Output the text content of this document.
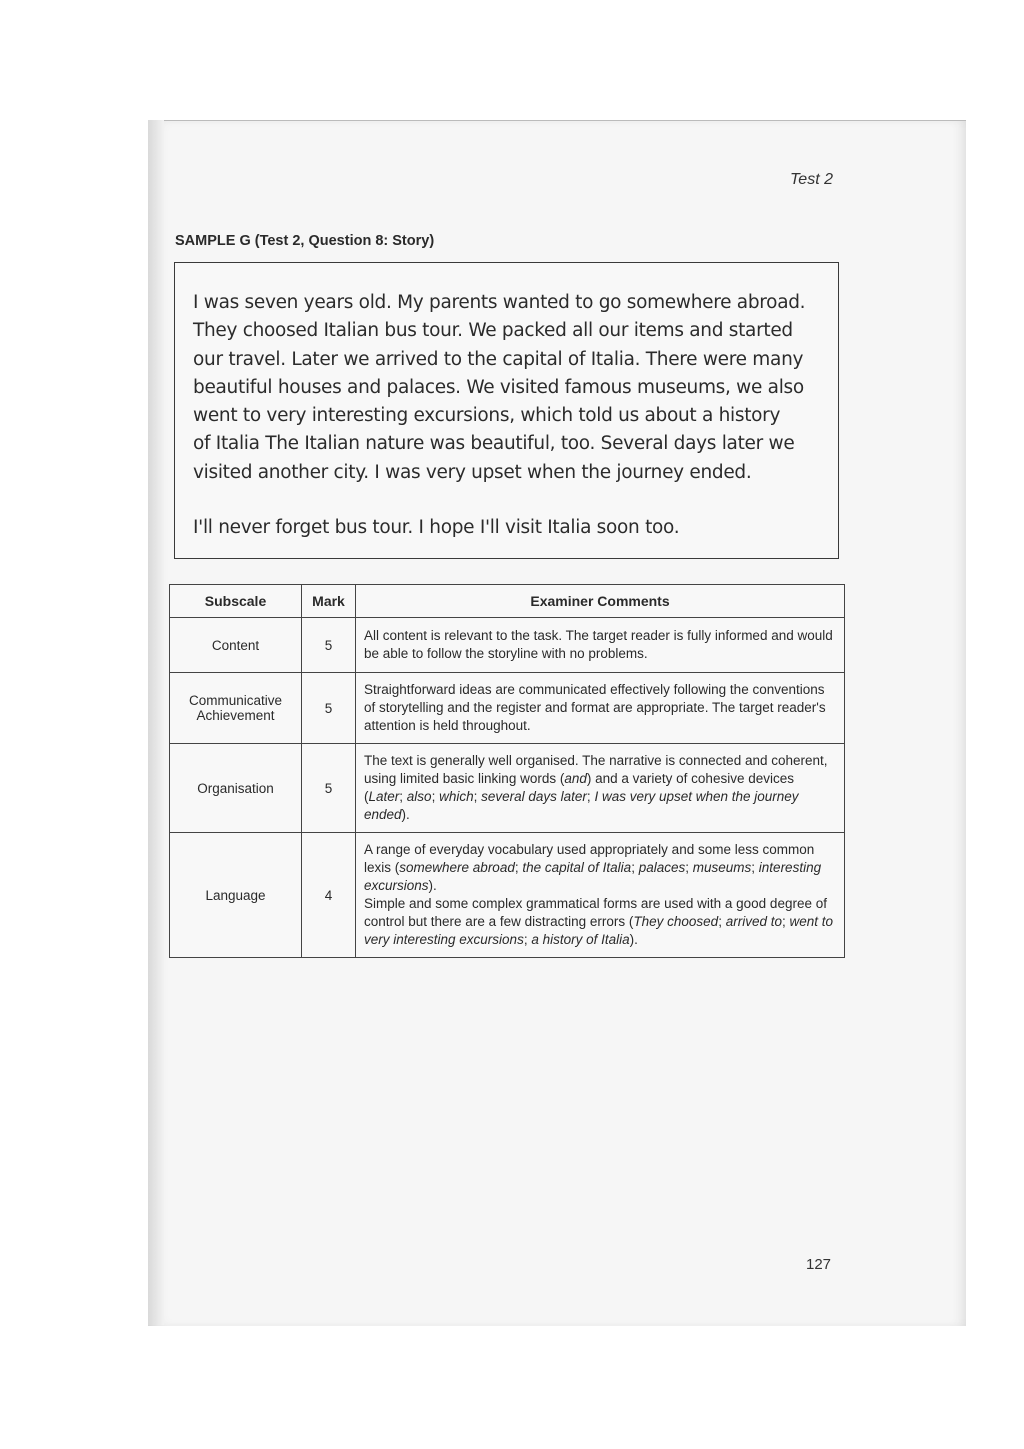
Test 2
SAMPLE G (Test 2, Question 8: Story)
I was seven years old. My parents wanted to go somewhere abroad.
They choosed Italian bus tour. We packed all our items and started
our travel. Later we arrived to the capital of Italia. There were many
beautiful houses and palaces. We visited famous museums, we also
went to very interesting excursions, which told us about a history
of Italia The Italian nature was beautiful, too. Several days later we
visited another city. I was very upset when the journey ended.
I'll never forget bus tour. I hope I'll visit Italia soon too.
Subscale	Mark	Examiner Comments
Content	5	All content is relevant to the task. The target reader is fully informed and would be able to follow the storyline with no problems.
Communicative Achievement	5	Straightforward ideas are communicated effectively following the conventions of storytelling and the register and format are appropriate. The target reader's attention is held throughout.
Organisation	5	The text is generally well organised. The narrative is connected and coherent, using limited basic linking words (and) and a variety of cohesive devices (Later; also; which; several days later; I was very upset when the journey ended).
Language	4	A range of everyday vocabulary used appropriately and some less common lexis (somewhere abroad; the capital of Italia; palaces; museums; interesting excursions).
Simple and some complex grammatical forms are used with a good degree of control but there are a few distracting errors (They choosed; arrived to; went to very interesting excursions; a history of Italia).
127
